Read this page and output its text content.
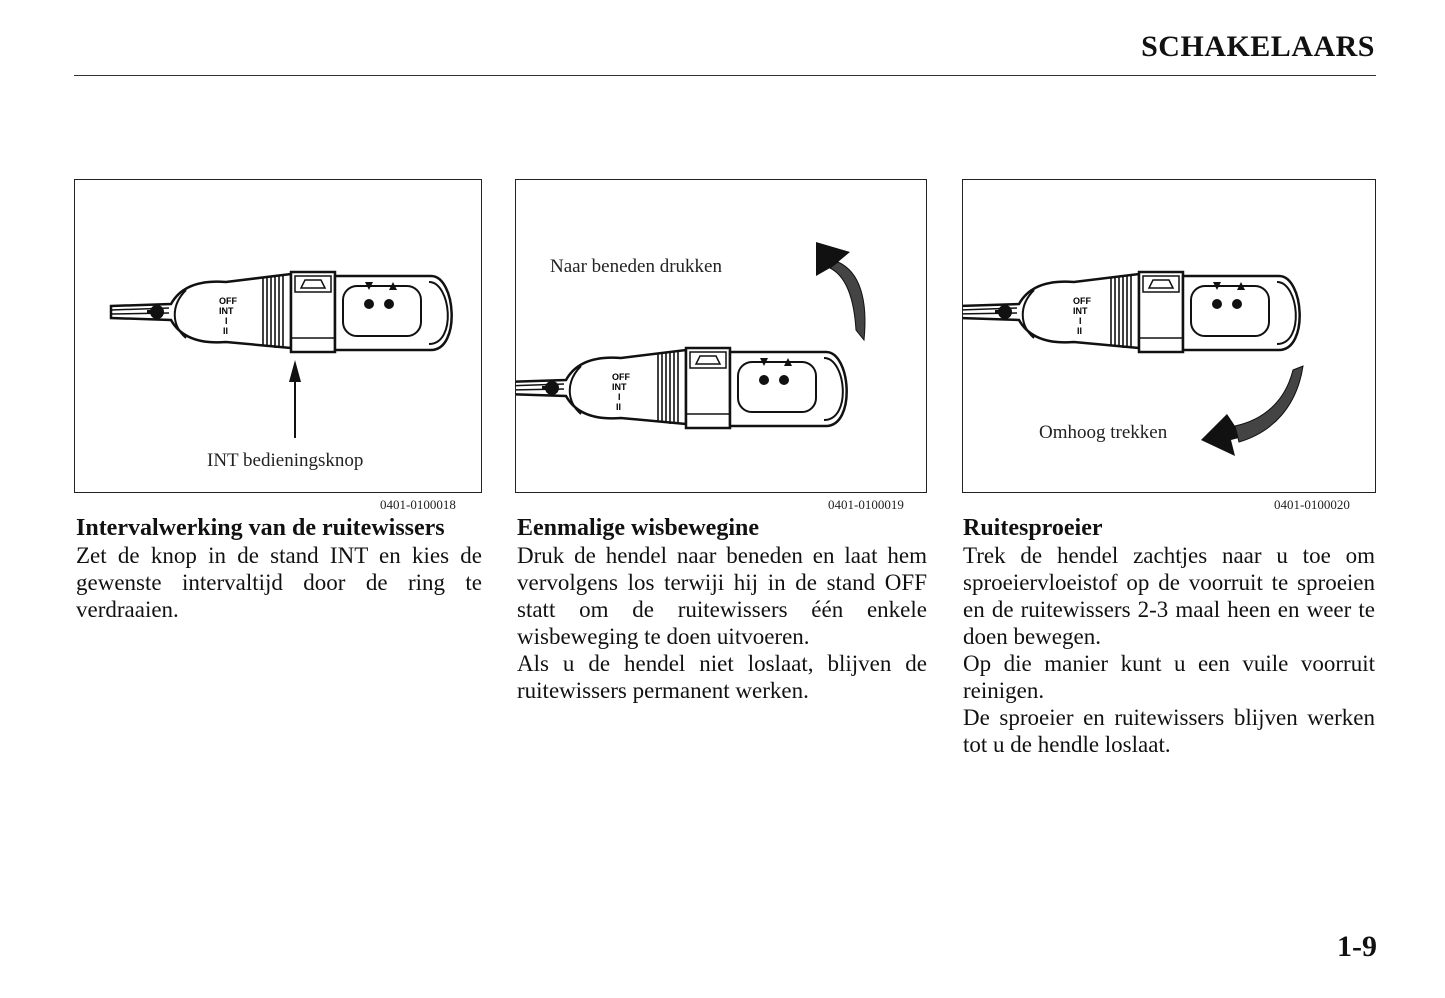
SCHAKELAARS
OFF
INT
I
II
INT bedieningsknop
0401-0100018
OFF
INT
I
II
Naar beneden drukken
0401-0100019
OFF
INT
I
II
Omhoog trekken
0401-0100020
Intervalwerking van de ruitewissers

Zet de knop in de stand INT en kies de gewenste intervaltijd door de ring te verdraaien.

Eenmalige wisbewegine

Druk de hendel naar beneden en laat hem vervolgens los terwiji hij in de stand OFF statt om de ruitewissers één enkele wisbeweging te doen uitvoeren.

Als u de hendel niet loslaat, blijven de ruitewissers permanent werken.

Ruitesproeier

Trek de hendel zachtjes naar u toe om sproeiervloeistof op de voorruit te sproeien en de ruitewissers 2-3 maal heen en weer te doen bewegen.

Op die manier kunt u een vuile voorruit reinigen.

De sproeier en ruitewissers blijven werken tot u de hendle loslaat.

1-9
